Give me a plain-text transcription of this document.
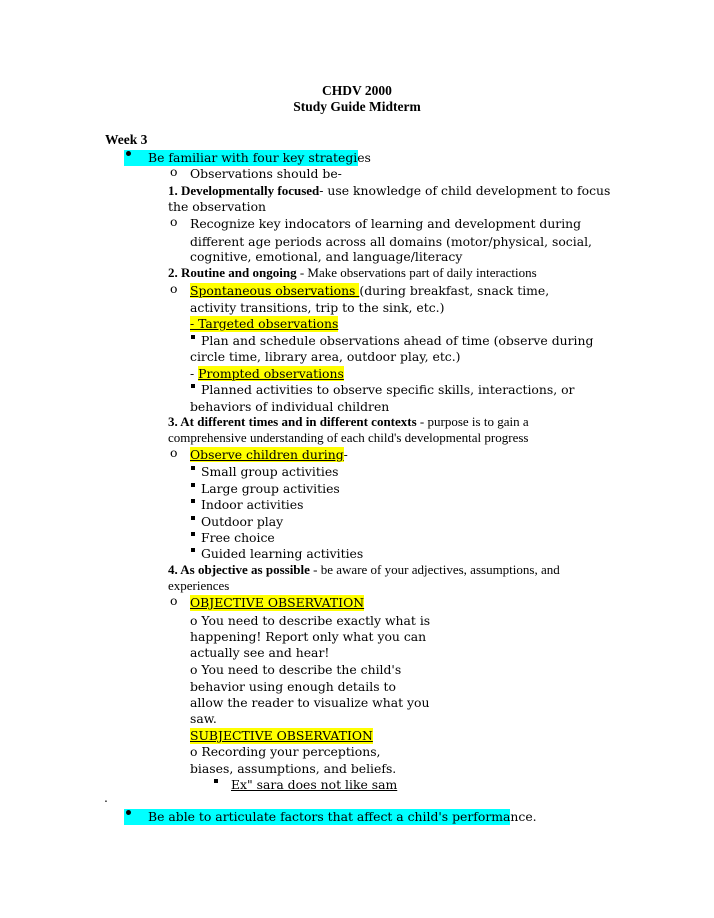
CHDV 2000
Study Guide Midterm
Week 3
Be familiar with four key strategies
o Observations should be-
1. Developmentally focused- use knowledge of child development to focus
the observation
o Recognize key indocators of learning and development during
different age periods across all domains (motor/physical, social,
cognitive, emotional, and language/literacy
2. Routine and ongoing - Make observations part of daily interactions
o Spontaneous observations (during breakfast, snack time,
activity transitions, trip to the sink, etc.)
- Targeted observations
Plan and schedule observations ahead of time (observe during
circle time, library area, outdoor play, etc.)
- Prompted observations
Planned activities to observe specific skills, interactions, or
behaviors of individual children
3. At different times and in different contexts - purpose is to gain a
comprehensive understanding of each child's developmental progress
o Observe children during-
Small group activities
Large group activities
Indoor activities
Outdoor play
Free choice
Guided learning activities
4. As objective as possible - be aware of your adjectives, assumptions, and
experiences
o OBJECTIVE OBSERVATION
o You need to describe exactly what is
happening! Report only what you can
actually see and hear!
o You need to describe the child's
behavior using enough details to
allow the reader to visualize what you
saw.
SUBJECTIVE OBSERVATION
o Recording your perceptions,
biases, assumptions, and beliefs.
Ex" sara does not like sam
.
Be able to articulate factors that affect a child's performance.
